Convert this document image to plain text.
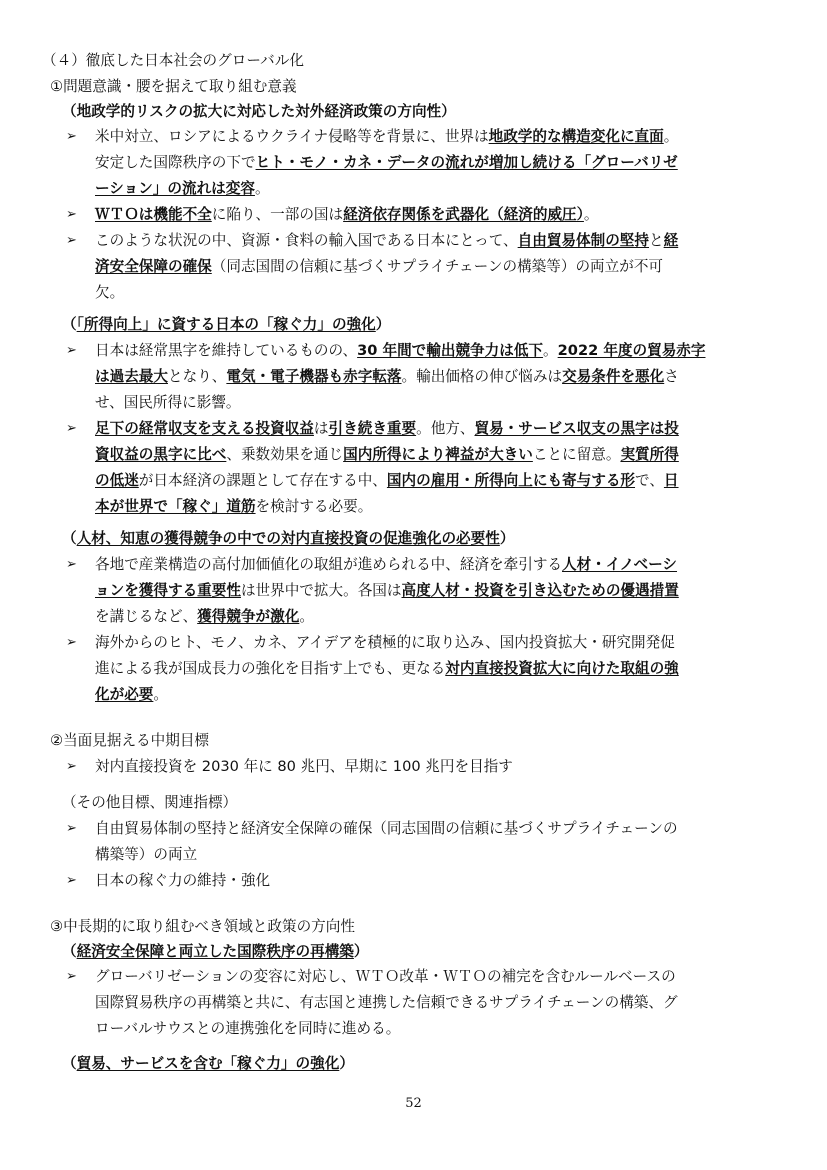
（４）徹底した日本社会のグローバル化
①問題意識・腰を据えて取り組む意義
（地政学的リスクの拡大に対応した対外経済政策の方向性）
➢ 米中対立、ロシアによるウクライナ侵略等を背景に、世界は地政学的な構造変化に直面。
安定した国際秩序の下でヒト・モノ・カネ・データの流れが増加し続ける「グローバリゼ
ーション」の流れは変容。
➢ ＷＴＯは機能不全に陥り、一部の国は経済依存関係を武器化（経済的威圧）。
➢ このような状況の中、資源・食料の輸入国である日本にとって、自由貿易体制の堅持と経
済安全保障の確保（同志国間の信頼に基づくサプライチェーンの構築等）の両立が不可
欠。
（「所得向上」に資する日本の「稼ぐ力」の強化）
➢ 日本は経常黒字を維持しているものの、30 年間で輸出競争力は低下。2022 年度の貿易赤字
は過去最大となり、電気・電子機器も赤字転落。輸出価格の伸び悩みは交易条件を悪化さ
せ、国民所得に影響。
➢ 足下の経常収支を支える投資収益は引き続き重要。他方、貿易・サービス収支の黒字は投
資収益の黒字に比べ、乗数効果を通じ国内所得により裨益が大きいことに留意。実質所得
の低迷が日本経済の課題として存在する中、国内の雇用・所得向上にも寄与する形で、日
本が世界で「稼ぐ」道筋を検討する必要。
（人材、知恵の獲得競争の中での対内直接投資の促進強化の必要性）
➢ 各地で産業構造の高付加価値化の取組が進められる中、経済を牽引する人材・イノベーシ
ョンを獲得する重要性は世界中で拡大。各国は高度人材・投資を引き込むための優遇措置
を講じるなど、獲得競争が激化。
➢ 海外からのヒト、モノ、カネ、アイデアを積極的に取り込み、国内投資拡大・研究開発促
進による我が国成長力の強化を目指す上でも、更なる対内直接投資拡大に向けた取組の強
化が必要。
②当面見据える中期目標
➢ 対内直接投資を 2030 年に 80 兆円、早期に 100 兆円を目指す
（その他目標、関連指標）
➢ 自由貿易体制の堅持と経済安全保障の確保（同志国間の信頼に基づくサプライチェーンの
構築等）の両立
➢ 日本の稼ぐ力の維持・強化
③中長期的に取り組むべき領域と政策の方向性
（経済安全保障と両立した国際秩序の再構築）
➢ グローバリゼーションの変容に対応し、ＷＴＯ改革・ＷＴＯの補完を含むルールベースの
国際貿易秩序の再構築と共に、有志国と連携した信頼できるサプライチェーンの構築、グ
ローバルサウスとの連携強化を同時に進める。
（貿易、サービスを含む「稼ぐ力」の強化）
52
